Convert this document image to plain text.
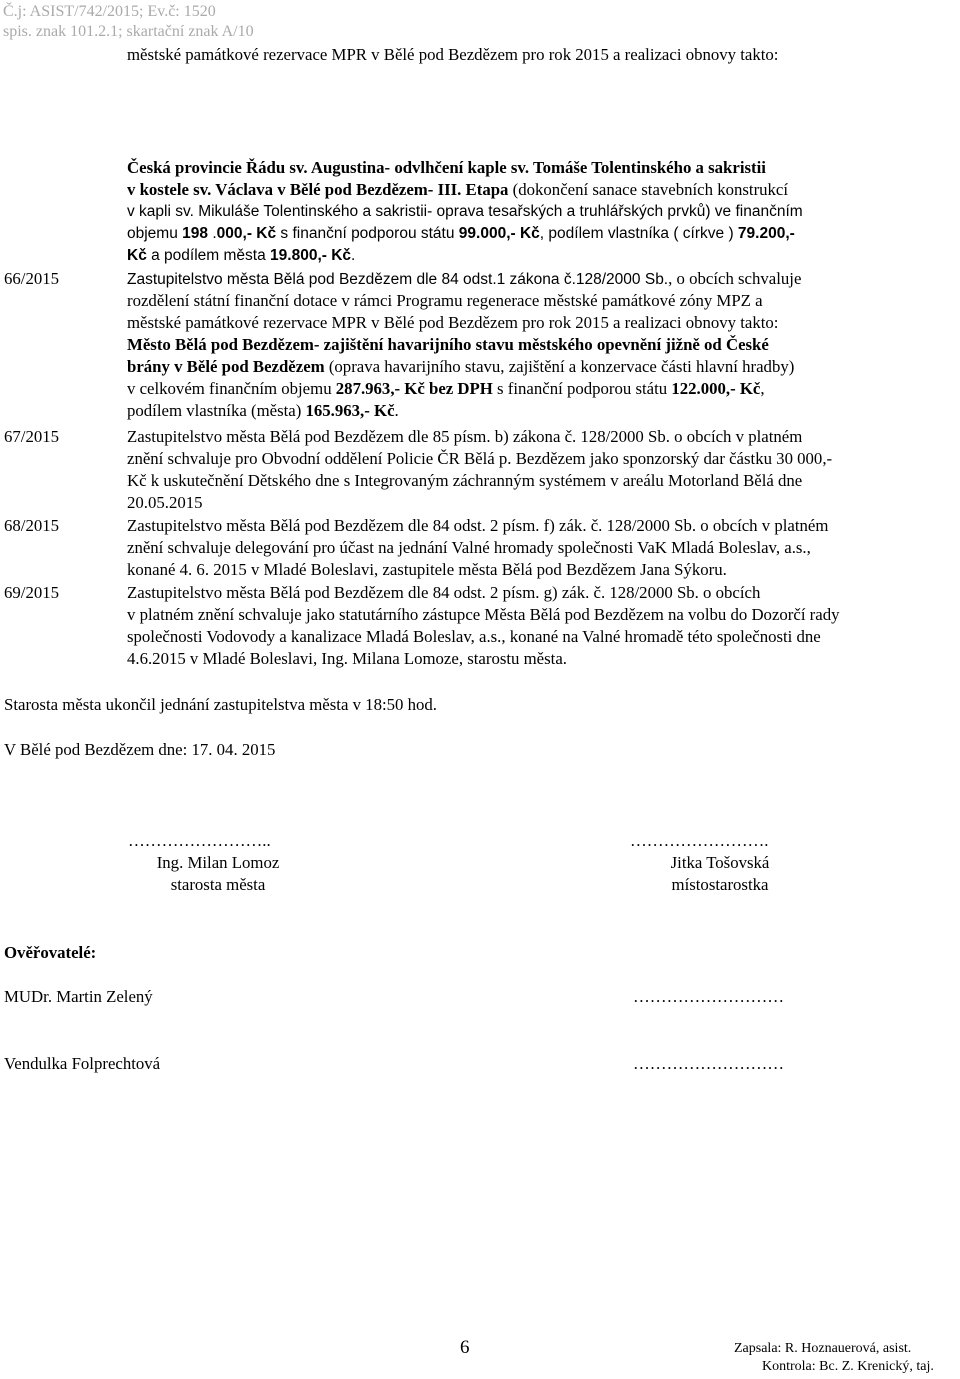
Č.j: ASIST/742/2015; Ev.č: 1520
spis. znak 101.2.1; skartační znak A/10
městské památkové rezervace MPR v Bělé pod Bezdězem pro rok 2015 a realizaci obnovy takto:
Česká provincie Řádu sv. Augustina- odvlhčení kaple sv. Tomáše Tolentinského a sakristii
v kostele sv. Václava v Bělé pod Bezdězem- III. Etapa (dokončení sanace stavebních konstrukcí
v kapli sv. Mikuláše Tolentinského a sakristii- oprava tesařských a truhlářských prvků) ve finančním
objemu 198 .000,- Kč s finanční podporou státu 99.000,- Kč, podílem vlastníka ( církve ) 79.200,-
Kč a podílem města 19.800,- Kč.
66/2015	Zastupitelstvo města Bělá pod Bezdězem dle 84 odst.1 zákona č.128/2000 Sb., o obcích schvaluje
rozdělení státní finanční dotace v rámci Programu regenerace městské památkové zóny MPZ a
městské památkové rezervace MPR v Bělé pod Bezdězem pro rok 2015 a realizaci obnovy takto:
Město Bělá pod Bezdězem- zajištění havarijního stavu městského opevnění jižně od České
brány v Bělé pod Bezdězem (oprava havarijního stavu, zajištění a konzervace části hlavní hradby)
v celkovém finančním objemu 287.963,- Kč bez DPH s finanční podporou státu 122.000,- Kč,
podílem vlastníka (města) 165.963,- Kč.
67/2015	Zastupitelstvo města Bělá pod Bezdězem dle 85 písm. b) zákona č. 128/2000 Sb. o obcích v platném
znění schvaluje pro Obvodní oddělení Policie ČR Bělá p. Bezdězem jako sponzorský dar částku 30 000,-
Kč k uskutečnění Dětského dne s Integrovaným záchranným systémem v areálu Motorland Bělá dne
20.05.2015
68/2015	Zastupitelstvo města Bělá pod Bezdězem dle 84 odst. 2 písm. f) zák. č. 128/2000 Sb. o obcích v platném
znění schvaluje delegování pro účast na jednání Valné hromady společnosti VaK Mladá Boleslav, a.s.,
konané 4. 6. 2015 v Mladé Boleslavi, zastupitele města Bělá pod Bezdězem Jana Sýkoru.
69/2015	Zastupitelstvo města Bělá pod Bezdězem dle 84 odst. 2 písm. g) zák. č. 128/2000 Sb. o obcích
v platném znění schvaluje jako statutárního zástupce Města Bělá pod Bezdězem na volbu do Dozorčí rady
společnosti Vodovody a kanalizace Mladá Boleslav, a.s., konané na Valné hromadě této společnosti dne
4.6.2015 v Mladé Boleslavi, Ing. Milana Lomoze, starostu města.
Starosta města ukončil jednání zastupitelstva města v 18:50 hod.
V Bělé pod Bezdězem dne: 17. 04. 2015
……………………..
Ing. Milan Lomoz
starosta města
…………………….
Jitka Tošovská
místostarostka
Ověřovatelé:
MUDr. Martin Zelený	………………………
Vendulka Folprechtová	………………………
6	Zapsala: R. Hoznauerová, asist.
Kontrola: Bc. Z. Krenický, taj.
